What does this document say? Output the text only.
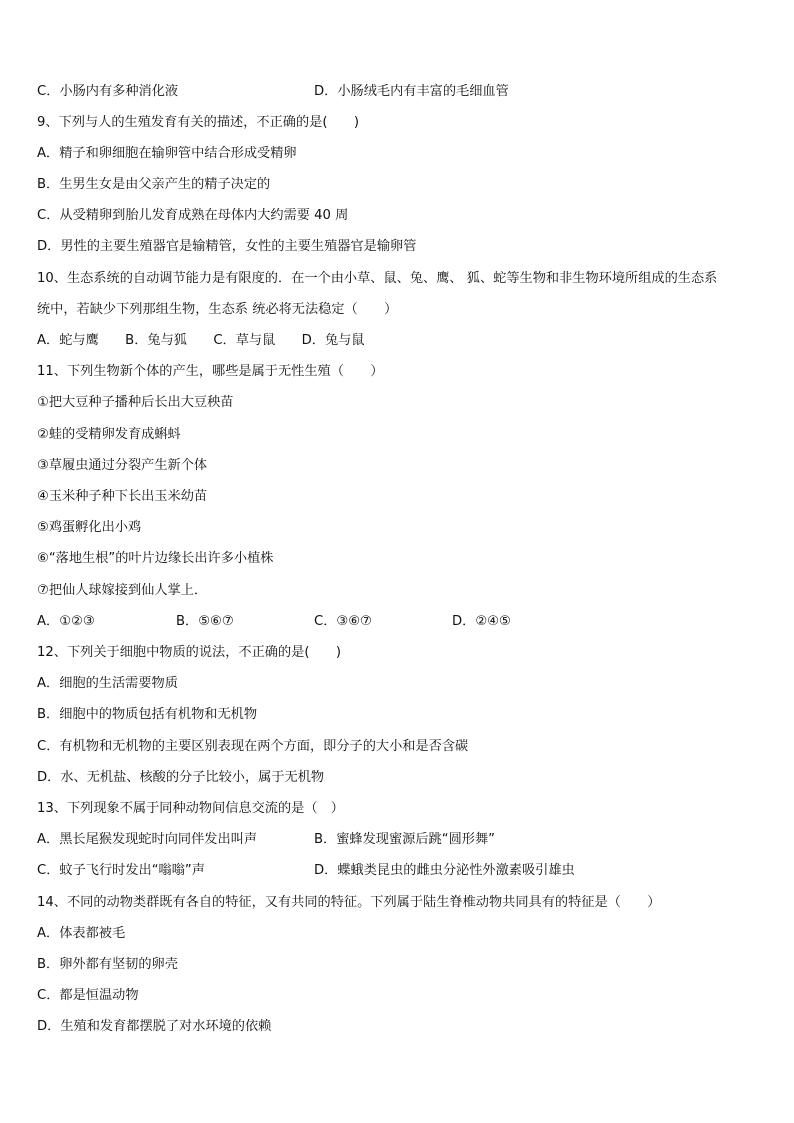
C．小肠内有多种消化液	D．小肠绒毛内有丰富的毛细血管
9、下列与人的生殖发育有关的描述，不正确的是(　　)
A．精子和卵细胞在输卵管中结合形成受精卵
B．生男生女是由父亲产生的精子决定的
C．从受精卵到胎儿发育成熟在母体内大约需要 40 周
D．男性的主要生殖器官是输精管，女性的主要生殖器官是输卵管
10、生态系统的自动调节能力是有限度的．在一个由小草、鼠、兔、鹰、 狐、蛇等生物和非生物环境所组成的生态系
统中，若缺少下列那组生物，生态系 统必将无法稳定（　　）
A．蛇与鹰　　B．兔与狐　　C．草与鼠　　D．兔与鼠
11、下列生物新个体的产生，哪些是属于无性生殖（　　）
①把大豆种子播种后长出大豆秧苗
②蛙的受精卵发育成蝌蚪
③草履虫通过分裂产生新个体
④玉米种子种下长出玉米幼苗
⑤鸡蛋孵化出小鸡
⑥“落地生根”的叶片边缘长出许多小植株
⑦把仙人球嫁接到仙人掌上．
A．①②③	B．⑤⑥⑦	C．③⑥⑦	D．②④⑤
12、下列关于细胞中物质的说法，不正确的是(　　)
A．细胞的生活需要物质
B．细胞中的物质包括有机物和无机物
C．有机物和无机物的主要区别表现在两个方面，即分子的大小和是否含碳
D．水、无机盐、核酸的分子比较小，属于无机物
13、下列现象不属于同种动物间信息交流的是（　）
A．黑长尾猴发现蛇时向同伴发出叫声	B．蜜蜂发现蜜源后跳“圆形舞”
C．蚊子飞行时发出“嗡嗡”声	D．蝶蛾类昆虫的雌虫分泌性外激素吸引雄虫
14、不同的动物类群既有各自的特征，又有共同的特征。下列属于陆生脊椎动物共同具有的特征是（　　）
A．体表都被毛
B．卵外都有坚韧的卵壳
C．都是恒温动物
D．生殖和发育都摆脱了对水环境的依赖
